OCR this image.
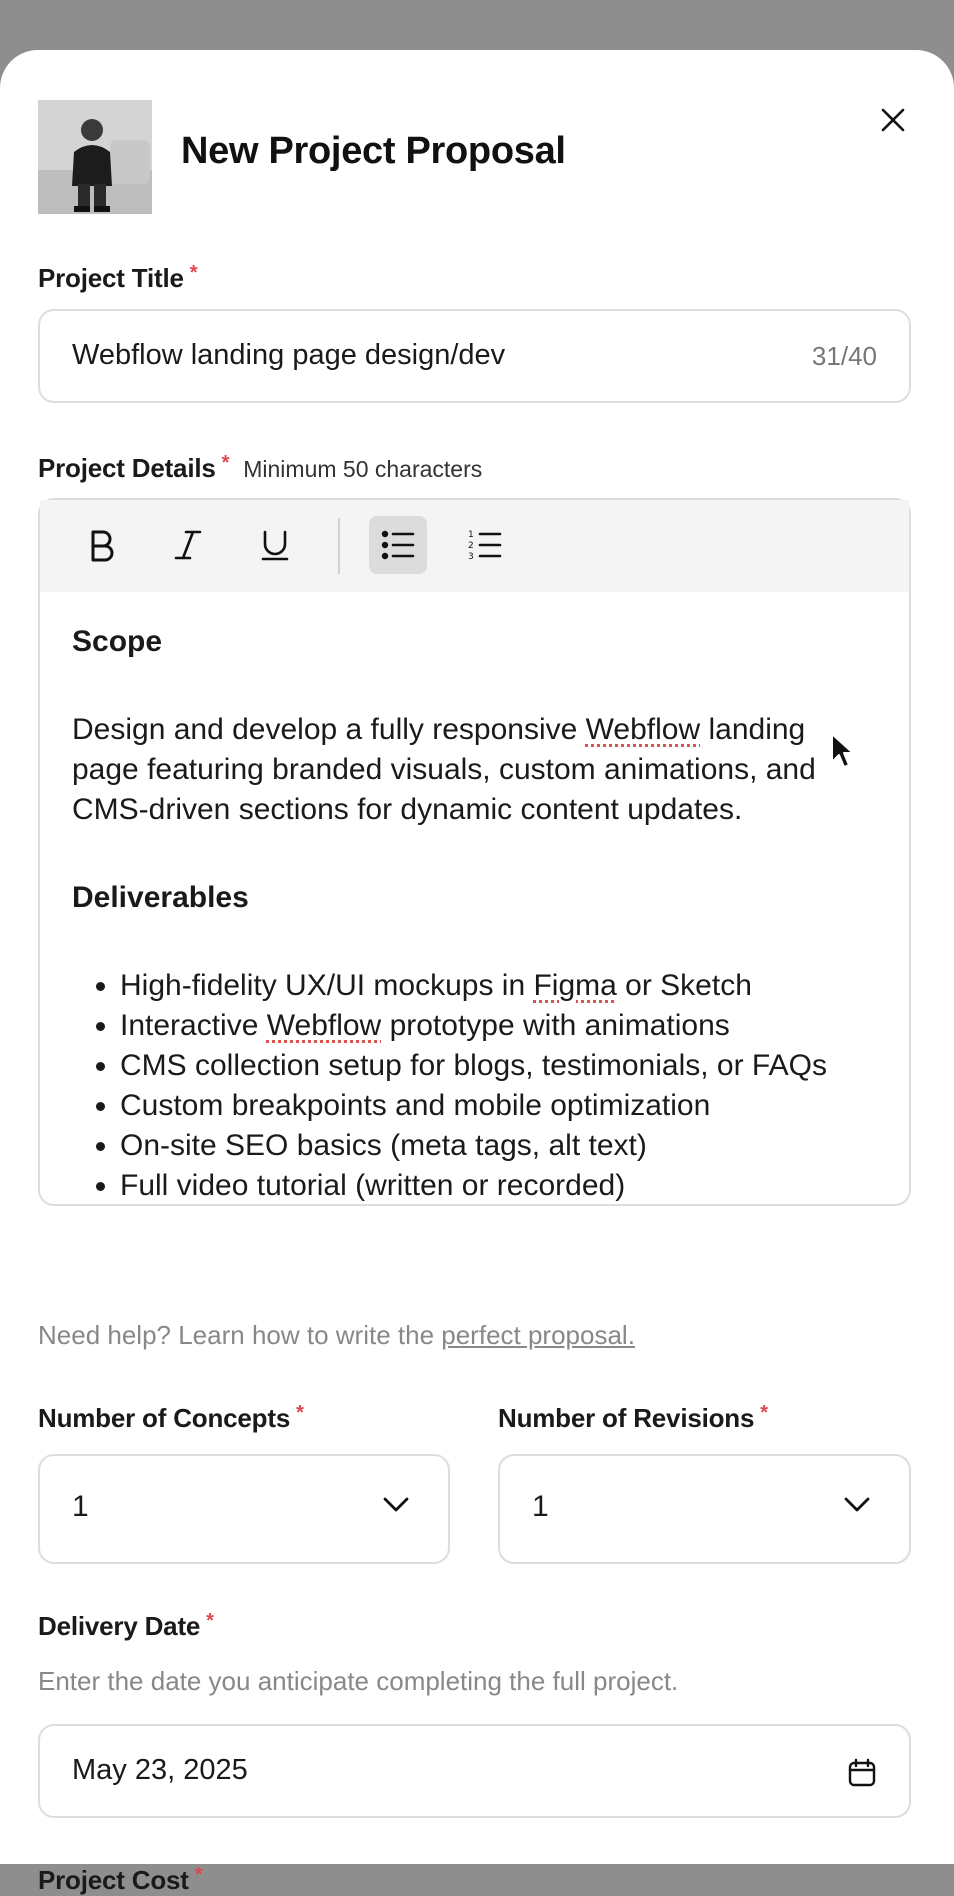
New Project Proposal
Project Title *
Webflow landing page design/dev	31/40
Project Details * Minimum 50 characters
1
2
3
Scope
Design and develop a fully responsive Webflow landing page featuring branded visuals, custom animations, and CMS-driven sections for dynamic content updates.
Deliverables
• High-fidelity UX/UI mockups in Figma or Sketch
• Interactive Webflow prototype with animations
• CMS collection setup for blogs, testimonials, or FAQs
• Custom breakpoints and mobile optimization
• On-site SEO basics (meta tags, alt text)
• Full video tutorial (written or recorded)
Need help? Learn how to write the perfect proposal.
Number of Concepts *	Number of Revisions *
1	1
Delivery Date *
Enter the date you anticipate completing the full project.
May 23, 2025
Project Cost *
